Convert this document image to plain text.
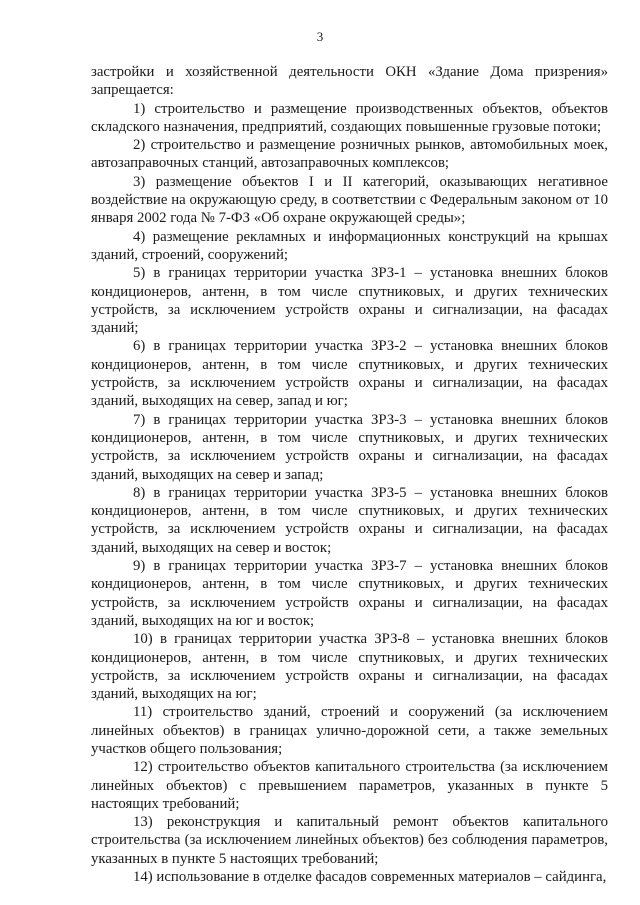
3

застройки и хозяйственной деятельности ОКН «Здание Дома призрения» запрещается:

1) строительство и размещение производственных объектов, объектов складского назначения, предприятий, создающих повышенные грузовые потоки;

2) строительство и размещение розничных рынков, автомобильных моек, автозаправочных станций, автозаправочных комплексов;

3) размещение объектов I и II категорий, оказывающих негативное воздействие на окружающую среду, в соответствии с Федеральным законом от 10 января 2002 года № 7-ФЗ «Об охране окружающей среды»;

4) размещение рекламных и информационных конструкций на крышах зданий, строений, сооружений;

5) в границах территории участка ЗРЗ-1 – установка внешних блоков кондиционеров, антенн, в том числе спутниковых, и других технических устройств, за исключением устройств охраны и сигнализации, на фасадах зданий;

6) в границах территории участка ЗРЗ-2 – установка внешних блоков кондиционеров, антенн, в том числе спутниковых, и других технических устройств, за исключением устройств охраны и сигнализации, на фасадах зданий, выходящих на север, запад и юг;

7) в границах территории участка ЗРЗ-3 – установка внешних блоков кондиционеров, антенн, в том числе спутниковых, и других технических устройств, за исключением устройств охраны и сигнализации, на фасадах зданий, выходящих на север и запад;

8) в границах территории участка ЗРЗ-5 – установка внешних блоков кондиционеров, антенн, в том числе спутниковых, и других технических устройств, за исключением устройств охраны и сигнализации, на фасадах зданий, выходящих на север и восток;

9) в границах территории участка ЗРЗ-7 – установка внешних блоков кондиционеров, антенн, в том числе спутниковых, и других технических устройств, за исключением устройств охраны и сигнализации, на фасадах зданий, выходящих на юг и восток;

10) в границах территории участка ЗРЗ-8 – установка внешних блоков кондиционеров, антенн, в том числе спутниковых, и других технических устройств, за исключением устройств охраны и сигнализации, на фасадах зданий, выходящих на юг;

11) строительство зданий, строений и сооружений (за исключением линейных объектов) в границах улично-дорожной сети, а также земельных участков общего пользования;

12) строительство объектов капитального строительства (за исключением линейных объектов) с превышением параметров, указанных в пункте 5 настоящих требований;

13) реконструкция и капитальный ремонт объектов капитального строительства (за исключением линейных объектов) без соблюдения параметров, указанных в пункте 5 настоящих требований;

14) использование в отделке фасадов современных материалов – сайдинга,
